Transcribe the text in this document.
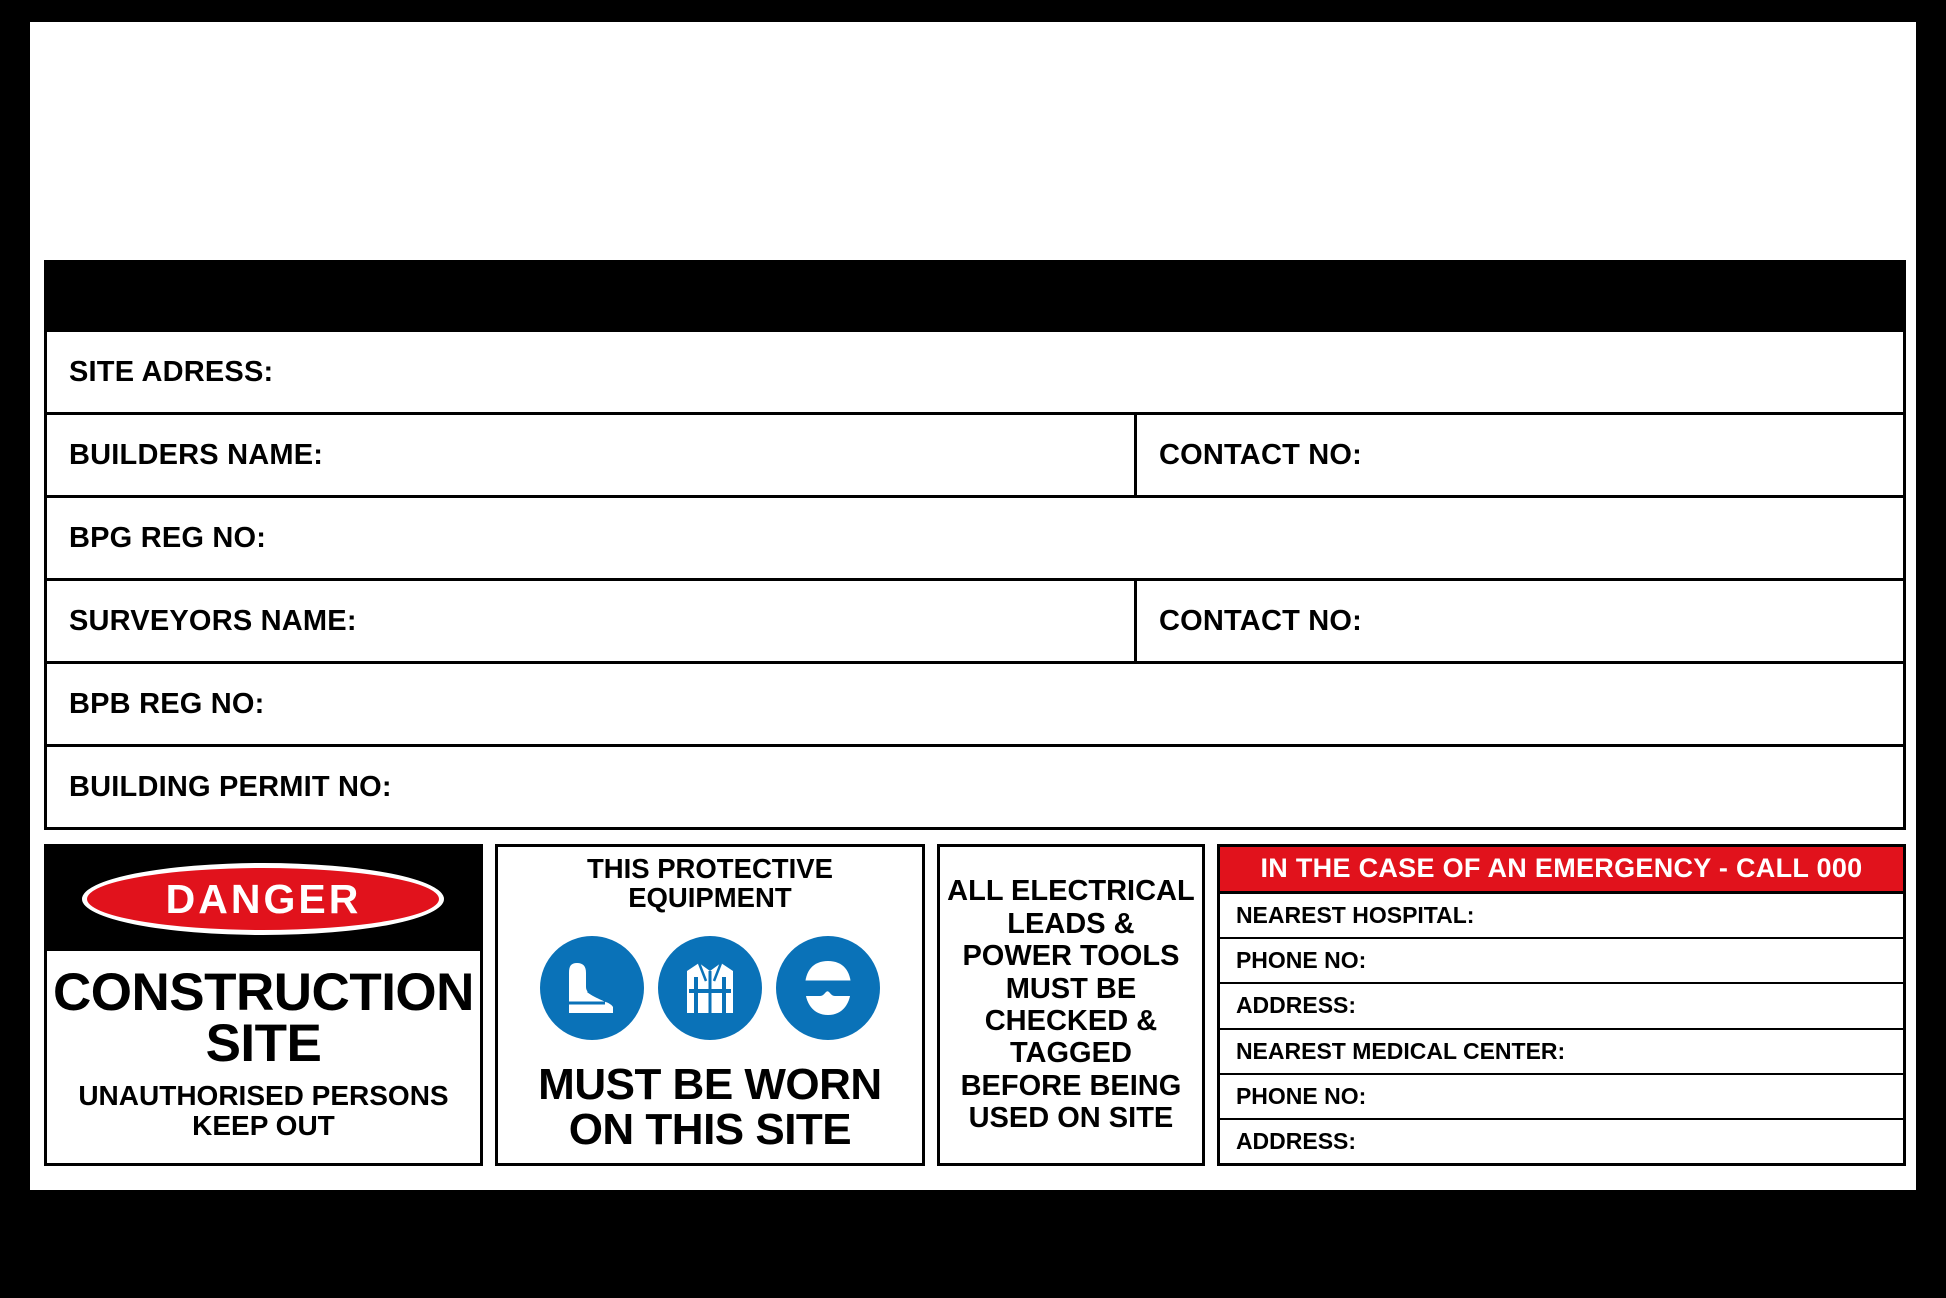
SITE ADRESS:
BUILDERS NAME:	CONTACT NO:
BPG REG NO:
SURVEYORS NAME:	CONTACT NO:
BPB REG NO:
BUILDING PERMIT NO:
DANGER
CONSTRUCTION
SITE
UNAUTHORISED PERSONS
KEEP OUT
THIS PROTECTIVE EQUIPMENT
MUST BE WORN
ON THIS SITE
ALL ELECTRICAL
LEADS &
POWER TOOLS
MUST BE
CHECKED &
TAGGED
BEFORE BEING
USED ON SITE
IN THE CASE OF AN EMERGENCY - CALL 000
NEAREST HOSPITAL:
PHONE NO:
ADDRESS:
NEAREST MEDICAL CENTER:
PHONE NO:
ADDRESS:
